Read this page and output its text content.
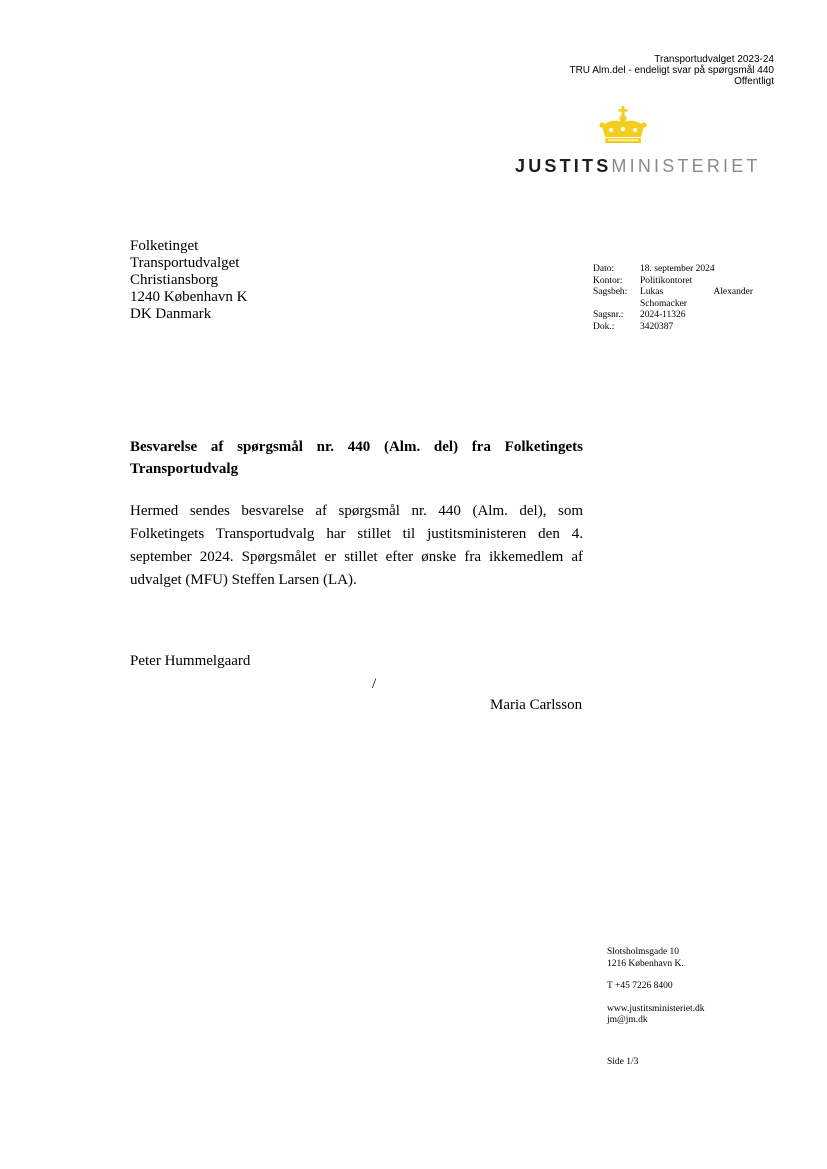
Transportudvalget 2023-24
TRU Alm.del - endeligt svar på spørgsmål 440
Offentligt
JUSTITSMINISTERIET
Folketinget
Transportudvalget
Christiansborg
1240 København K
DK Danmark
Dato:	18. september 2024
Kontor:	Politikontoret
Sagsbeh:	Lukas	Alexander
Schomacker
Sagsnr.:	2024-11326
Dok.:	3420387
Besvarelse af spørgsmål nr. 440 (Alm. del) fra Folketingets Transportudvalg
Hermed sendes besvarelse af spørgsmål nr. 440 (Alm. del), som Folketingets Transportudvalg har stillet til justitsministeren den 4. september 2024. Spørgsmålet er stillet efter ønske fra ikkemedlem af udvalget (MFU) Steffen Larsen (LA).
Peter Hummelgaard
/
Maria Carlsson
Slotsholmsgade 10
1216 København K.
T +45 7226 8400
www.justitsministeriet.dk
jm@jm.dk
Side 1/3
